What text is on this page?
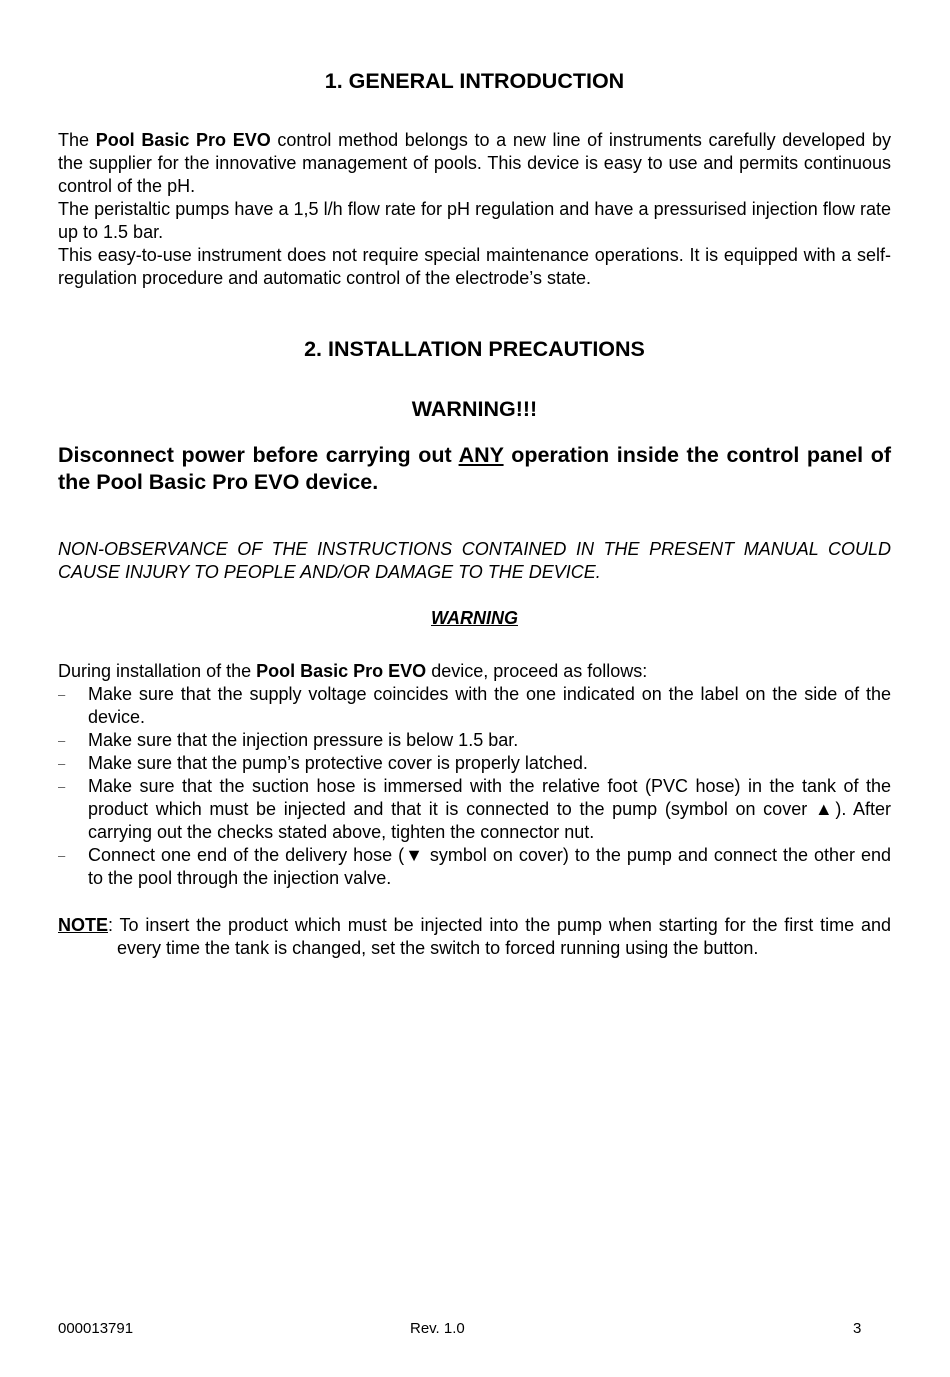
1. GENERAL INTRODUCTION

The Pool Basic Pro EVO control method belongs to a new line of instruments carefully developed by the supplier for the innovative management of pools. This device is easy to use and permits continuous control of the pH.

The peristaltic pumps have a 1,5 l/h flow rate for pH regulation and have a pressurised injection flow rate up to 1.5 bar.

This easy-to-use instrument does not require special maintenance operations. It is equipped with a self-regulation procedure and automatic control of the electrode’s state.

2. INSTALLATION PRECAUTIONS
WARNING!!!

Disconnect power before carrying out ANY operation inside the control panel of the Pool Basic Pro EVO device.

NON-OBSERVANCE OF THE INSTRUCTIONS CONTAINED IN THE PRESENT MANUAL COULD CAUSE INJURY TO PEOPLE AND/OR DAMAGE TO THE DEVICE.

WARNING

During installation of the Pool Basic Pro EVO device, proceed as follows:

– Make sure that the supply voltage coincides with the one indicated on the label on the side of the device.
– Make sure that the injection pressure is below 1.5 bar.
– Make sure that the pump’s protective cover is properly latched.
– Make sure that the suction hose is immersed with the relative foot (PVC hose) in the tank of the product which must be injected and that it is connected to the pump (symbol on cover ▲). After carrying out the checks stated above, tighten the connector nut.
– Connect one end of the delivery hose (▼ symbol on cover) to the pump and connect the other end to the pool through the injection valve.
NOTE: To insert the product which must be injected into the pump when starting for the first time and every time the tank is changed, set the switch to forced running using the button.
000013791	Rev. 1.0	3
